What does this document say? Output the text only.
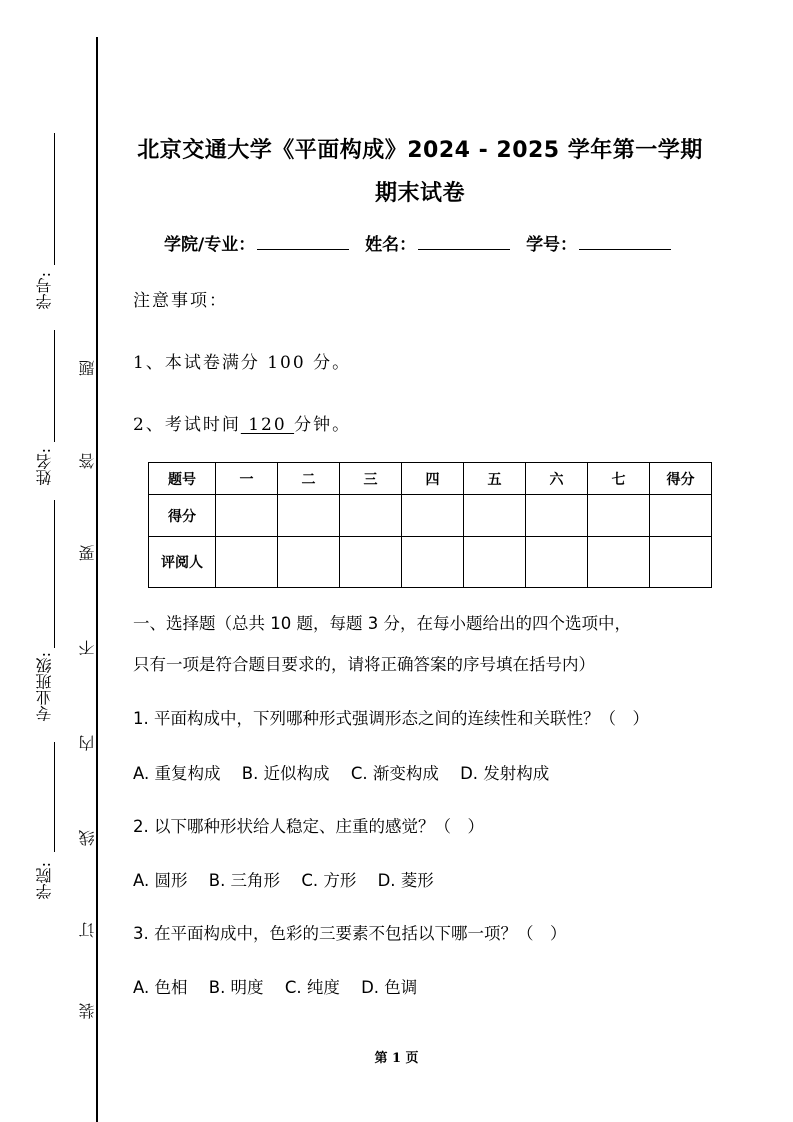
学号:
姓名:
专业班级:
学院:
题
答
要
不
内
线
订
装
北京交通大学《平面构成》2024 - 2025 学年第一学期
期末试卷
学院/专业：	姓名：	学号：
注意事项：
1、本试卷满分 100 分。
2、考试时间 120 分钟。
题号	一	二	三	四	五	六	七	得分
得分								
评阅人								
一、选择题（总共 10 题，每题 3 分，在每小题给出的四个选项中，
只有一项是符合题目要求的，请将正确答案的序号填在括号内）
1. 平面构成中，下列哪种形式强调形态之间的连续性和关联性？（　）
A. 重复构成 B. 近似构成 C. 渐变构成 D. 发射构成
2. 以下哪种形状给人稳定、庄重的感觉？（　）
A. 圆形 B. 三角形 C. 方形 D. 菱形
3. 在平面构成中，色彩的三要素不包括以下哪一项？（　）
A. 色相 B. 明度 C. 纯度 D. 色调
第 1 页
